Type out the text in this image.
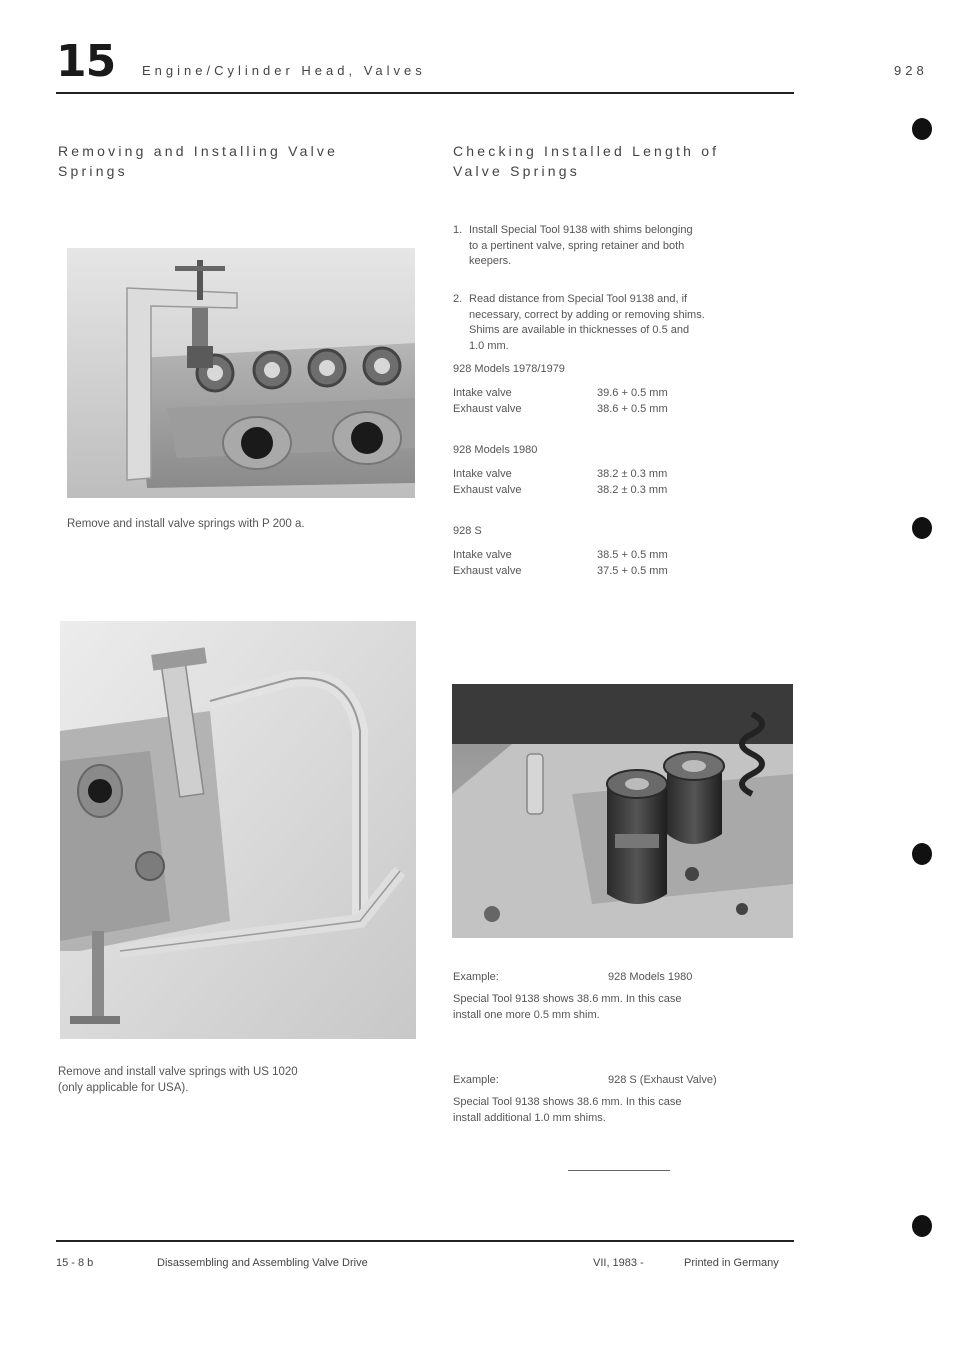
15 Engine/Cylinder Head, Valves	928
Removing and Installing Valve
Springs
Remove and install valve springs with P 200 a.
Remove and install valve springs with US 1020
(only applicable for USA).
Checking Installed Length of
Valve Springs
1. Install Special Tool 9138 with shims belonging
to a pertinent valve, spring retainer and both
keepers.
2. Read distance from Special Tool 9138 and, if
necessary, correct by adding or removing shims.
Shims are available in thicknesses of 0.5 and
1.0 mm.
928 Models 1978/1979
Intake valve	39.6 + 0.5 mm
Exhaust valve	38.6 + 0.5 mm
928 Models 1980
Intake valve	38.2 ± 0.3 mm
Exhaust valve	38.2 ± 0.3 mm
928 S
Intake valve	38.5 + 0.5 mm
Exhaust valve	37.5 + 0.5 mm
Example:	928 Models 1980
Special Tool 9138 shows 38.6 mm. In this case
install one more 0.5 mm shim.
Example:	928 S (Exhaust Valve)
Special Tool 9138 shows 38.6 mm. In this case
install additional 1.0 mm shims.
15 - 8 b	Disassembling and Assembling Valve Drive	VII, 1983 -	Printed in Germany
